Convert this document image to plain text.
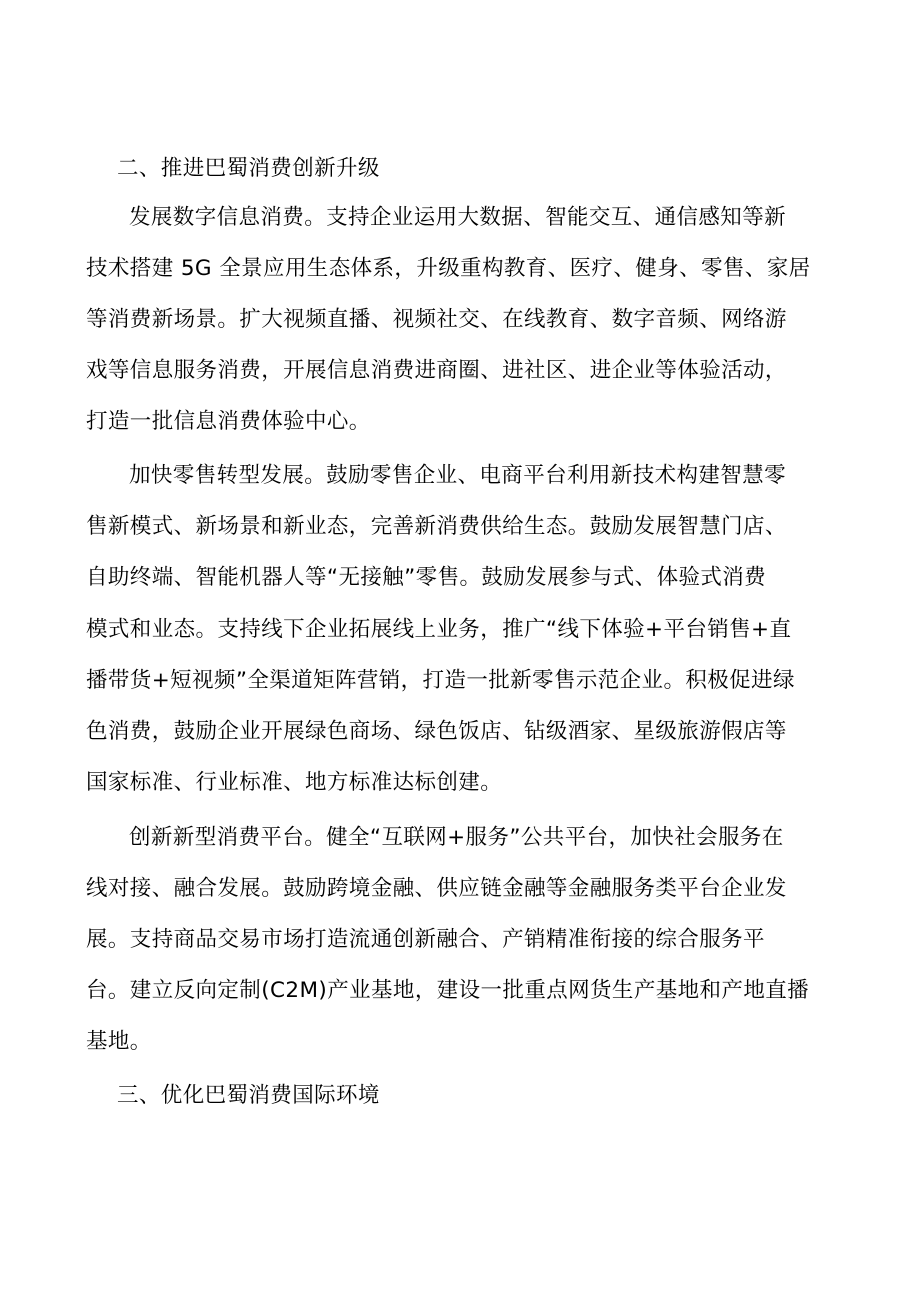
二、推进巴蜀消费创新升级
发展数字信息消费。支持企业运用大数据、智能交互、通信感知等新
技术搭建 5G 全景应用生态体系，升级重构教育、医疗、健身、零售、家居
等消费新场景。扩大视频直播、视频社交、在线教育、数字音频、网络游
戏等信息服务消费，开展信息消费进商圈、进社区、进企业等体验活动，
打造一批信息消费体验中心。
加快零售转型发展。鼓励零售企业、电商平台利用新技术构建智慧零
售新模式、新场景和新业态，完善新消费供给生态。鼓励发展智慧门店、
自助终端、智能机器人等“无接触”零售。鼓励发展参与式、体验式消费
模式和业态。支持线下企业拓展线上业务，推广“线下体验+平台销售+直
播带货+短视频”全渠道矩阵营销，打造一批新零售示范企业。积极促进绿
色消费，鼓励企业开展绿色商场、绿色饭店、钻级酒家、星级旅游假店等
国家标准、行业标准、地方标准达标创建。
创新新型消费平台。健全“互联网+服务”公共平台，加快社会服务在
线对接、融合发展。鼓励跨境金融、供应链金融等金融服务类平台企业发
展。支持商品交易市场打造流通创新融合、产销精准衔接的综合服务平
台。建立反向定制(C2M)产业基地，建设一批重点网货生产基地和产地直播
基地。
三、优化巴蜀消费国际环境
